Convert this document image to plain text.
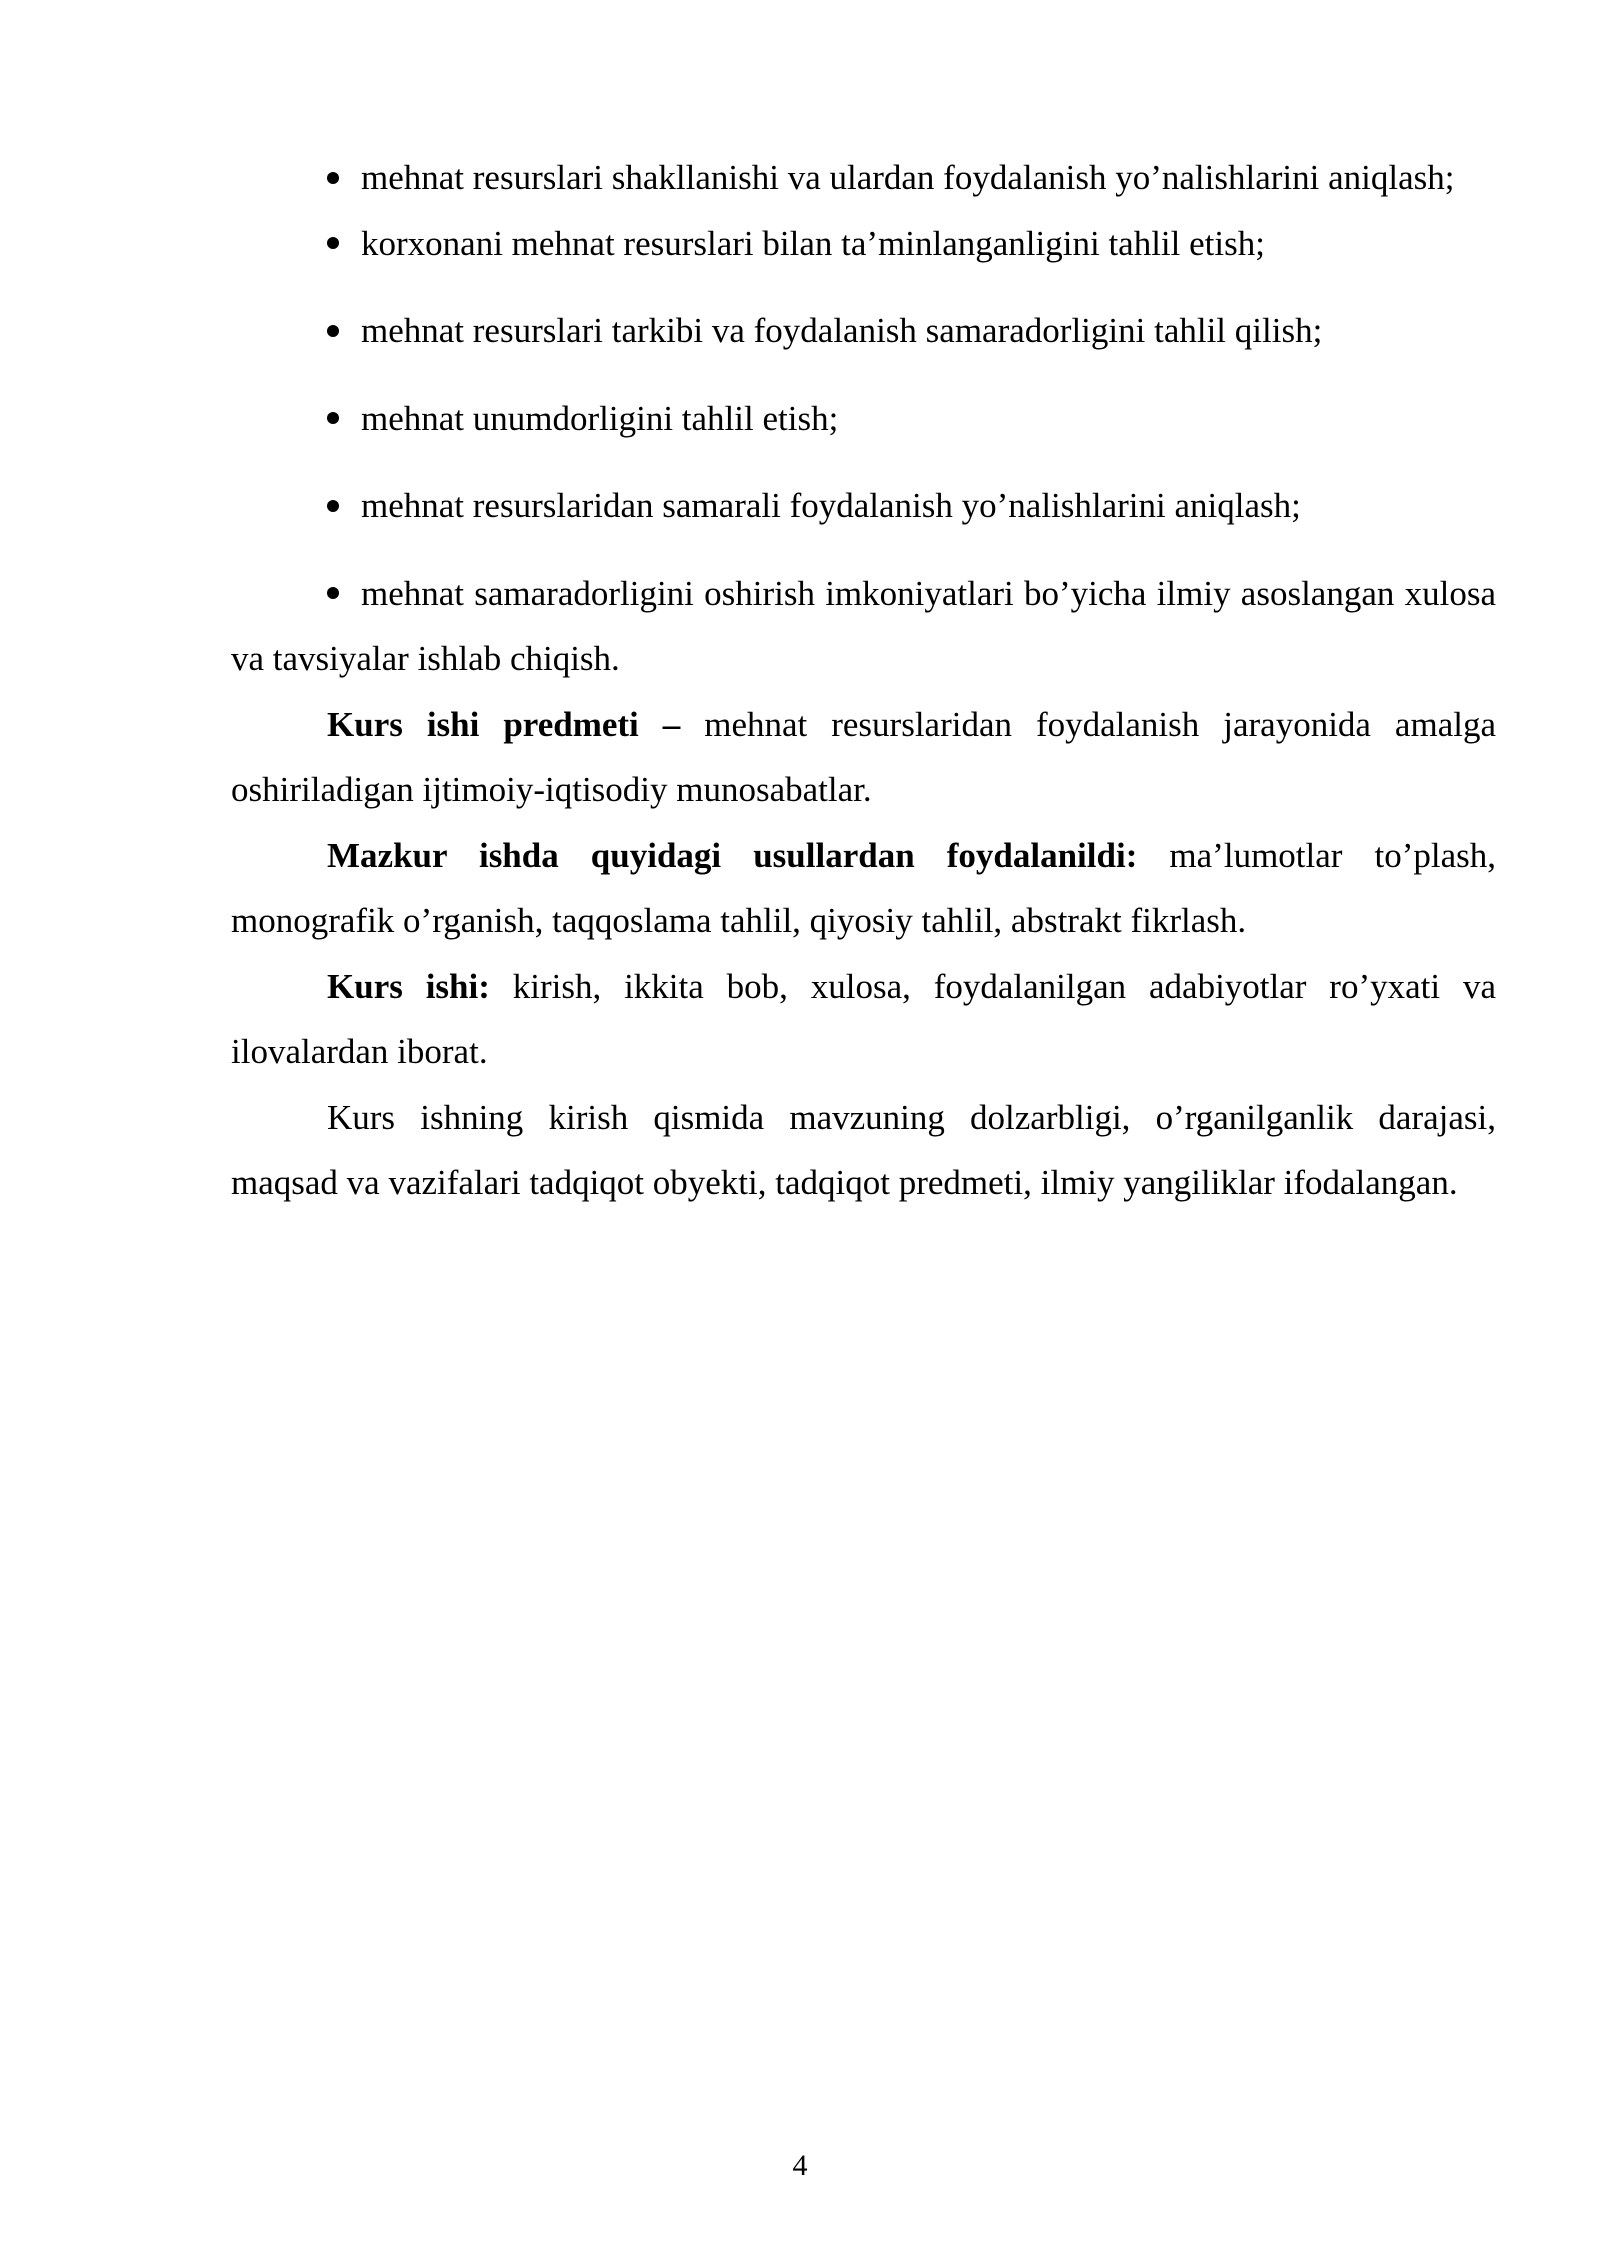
mehnat resurslari shakllanishi va ulardan foydalanish yo’nalishlarini aniqlash;

korxonani mehnat resurslari bilan ta’minlanganligini tahlil etish;

mehnat resurslari tarkibi va foydalanish samaradorligini tahlil qilish;

mehnat unumdorligini tahlil etish;

mehnat resurslaridan samarali foydalanish yo’nalishlarini aniqlash;

mehnat samaradorligini oshirish imkoniyatlari bo’yicha ilmiy asoslangan xulosa va tavsiyalar ishlab chiqish.

Kurs ishi predmeti – mehnat resurslaridan foydalanish jarayonida amalga oshiriladigan ijtimoiy-iqtisodiy munosabatlar.

Mazkur ishda quyidagi usullardan foydalanildi: ma’lumotlar to’plash, monografik o’rganish, taqqoslama tahlil, qiyosiy tahlil, abstrakt fikrlash.

Kurs ishi: kirish, ikkita bob, xulosa, foydalanilgan adabiyotlar ro’yxati va ilovalardan iborat.

Kurs ishning kirish qismida mavzuning dolzarbligi, o’rganilganlik darajasi, maqsad va vazifalari tadqiqot obyekti, tadqiqot predmeti, ilmiy yangiliklar ifodalangan.

4
